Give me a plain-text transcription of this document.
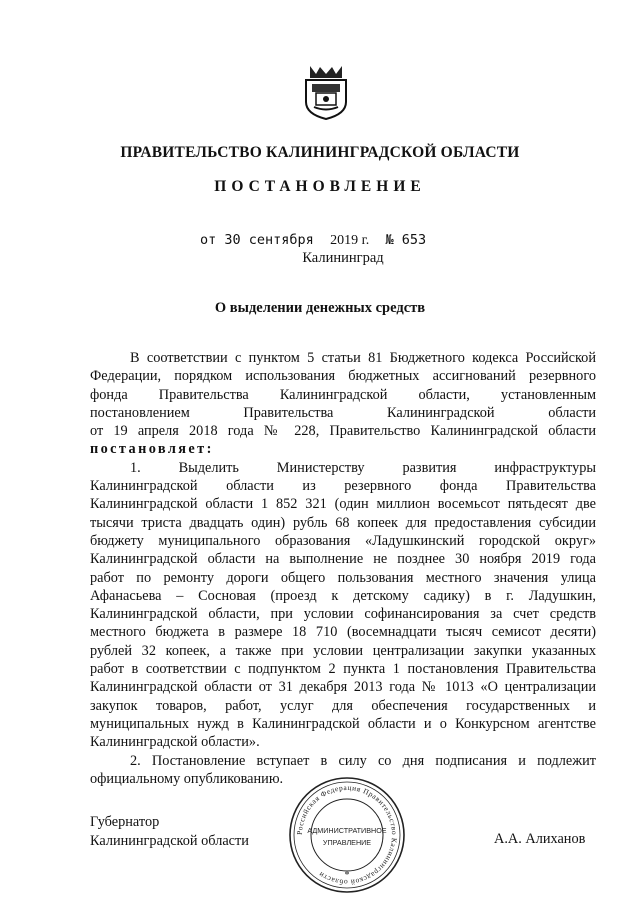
ПРАВИТЕЛЬСТВО КАЛИНИНГРАДСКОЙ ОБЛАСТИ
ПОСТАНОВЛЕНИЕ
от 30 сентября 2019 г. № 653
Калининград
О выделении денежных средств

В соответствии с пунктом 5 статьи 81 Бюджетного кодекса Российской

Федерации, порядком использования бюджетных ассигнований резервного

фонда Правительства Калининградской области, установленным

постановлением Правительства Калининградской области

от 19 апреля 2018 года № 228, Правительство Калининградской области

постановляет:

1. Выделить Министерству развития инфраструктуры

Калининградской области из резервного фонда Правительства

Калининградской области 1 852 321 (один миллион восемьсот пятьдесят две

тысячи триста двадцать один) рубль 68 копеек для предоставления субсидии

бюджету муниципального образования «Ладушкинский городской округ»

Калининградской области на выполнение не позднее 30 ноября 2019 года

работ по ремонту дороги общего пользования местного значения улица

Афанасьева – Сосновая (проезд к детскому садику) в г. Ладушкин,

Калининградской области, при условии софинансирования за счет средств

местного бюджета в размере 18 710 (восемнадцати тысяч семисот десяти)

рублей 32 копеек, а также при условии централизации закупки указанных

работ в соответствии с подпунктом 2 пункта 1 постановления Правительства

Калининградской области от 31 декабря 2013 года № 1013 «О централизации

закупок товаров, работ, услуг для обеспечения государственных и

муниципальных нужд в Калининградской области и о Конкурсном агентстве

Калининградской области».

2. Постановление вступает в силу со дня подписания и подлежит

официальному опубликованию.

Российская Федерация Правительство Калининградской области
АДМИНИСТРАТИВНОЕ
УПРАВЛЕНИЕ
*
Губернатор
Калининградской области	А.А. Алиханов
